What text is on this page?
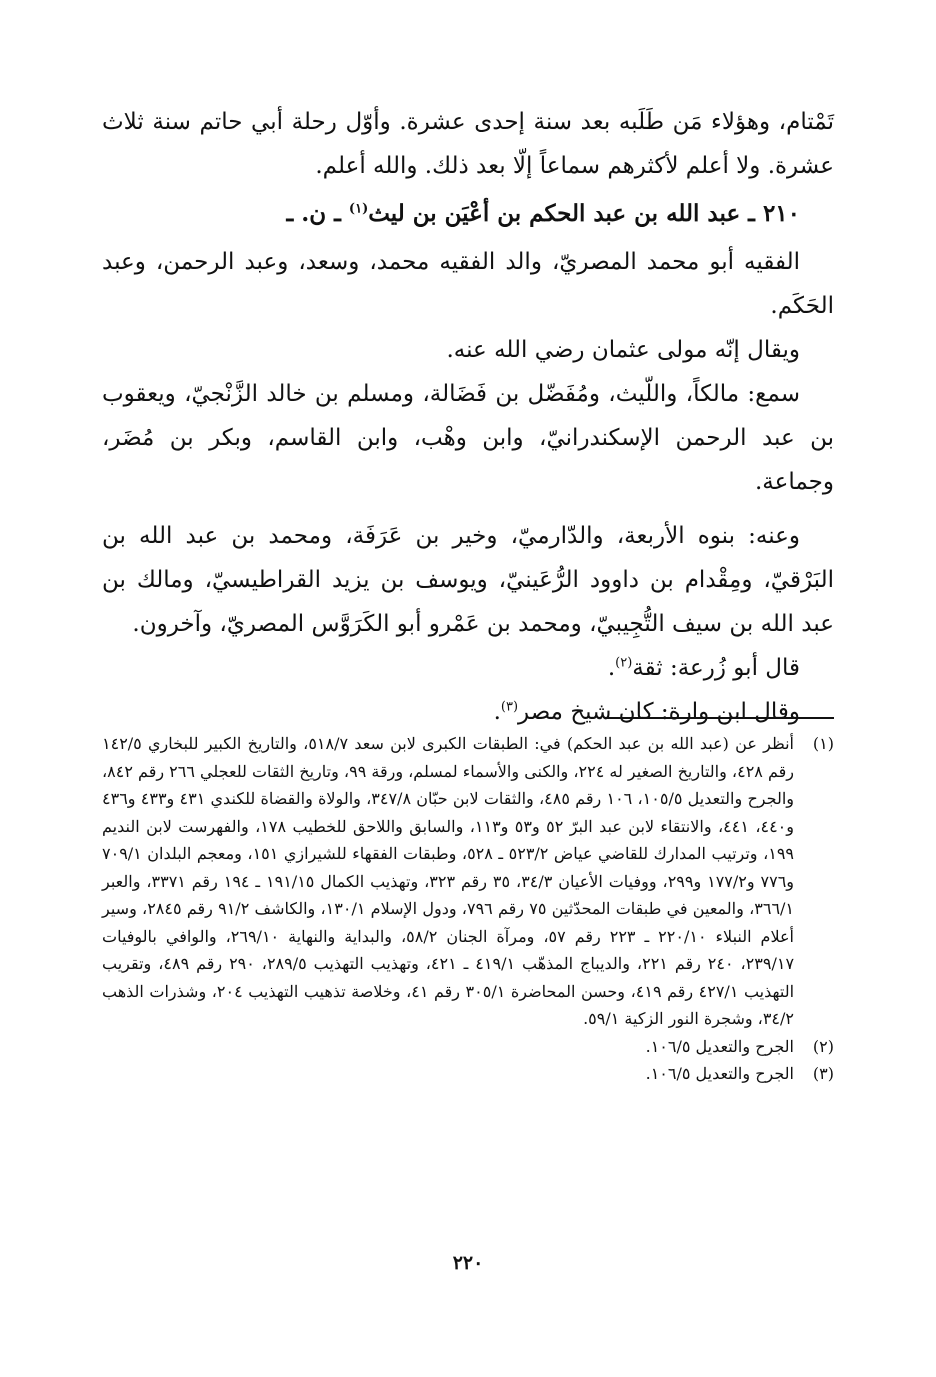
تَمْتام، وهؤلاء مَن طَلَبه بعد سنة إحدى عشرة. وأوّل رحلة أبي حاتم سنة ثلاث عشرة. ولا أعلم لأكثرهم سماعاً إلّا بعد ذلك. والله أعلم.

٢١٠ ـ عبد الله بن عبد الحكم بن أعْيَن بن ليث$^{(١)}$ ـ ن. ـ

الفقيه أبو محمد المصريّ، والد الفقيه محمد، وسعد، وعبد الرحمن، وعبد الحَكَم.

ويقال إنّه مولى عثمان رضي الله عنه.

سمع: مالكاً، واللّيث، ومُفَضّل بن فَضَالة، ومسلم بن خالد الزَّنْجيّ، ويعقوب بن عبد الرحمن الإسكندرانيّ، وابن وهْب، وابن القاسم، وبكر بن مُضَر، وجماعة.

وعنه: بنوه الأربعة، والدّارميّ، وخير بن عَرَفَة، ومحمد بن عبد الله بن البَرْقيّ، ومِقْدام بن داوود الرُّعَينيّ، ويوسف بن يزيد القراطيسيّ، ومالك بن عبد الله بن سيف التُّجِيبيّ، ومحمد بن عَمْرو أبو الكَرَوَّس المصريّ، وآخرون.

قال أبو زُرعة: ثقة$^{(٢)}$.

وقال ابن وارة: كان شيخ مصر$^{(٣)}$.

(١)
أنظر عن (عبد الله بن عبد الحكم) في: الطبقات الكبرى لابن سعد ٥١٨/٧، والتاريخ الكبير للبخاري ١٤٢/٥ رقم ٤٢٨، والتاريخ الصغير له ٢٢٤، والكنى والأسماء لمسلم، ورقة ٩٩، وتاريخ الثقات للعجلي ٢٦٦ رقم ٨٤٢، والجرح والتعديل ١٠٥/٥، ١٠٦ رقم ٤٨٥، والثقات لابن حبّان ٣٤٧/٨، والولاة والقضاة للكندي ٤٣١ و٤٣٣ و٤٣٦ و٤٤٠، ٤٤١، والانتقاء لابن عبد البرّ ٥٢ و٥٣ و١١٣، والسابق واللاحق للخطيب ١٧٨، والفهرست لابن النديم ١٩٩، وترتيب المدارك للقاضي عياض ٥٢٣/٢ ـ ٥٢٨، وطبقات الفقهاء للشيرازي ١٥١، ومعجم البلدان ٧٠٩/١ و٧٧٦ و١٧٧/٢ و٢٩٩، ووفيات الأعيان ٣٤/٣، ٣٥ رقم ٣٢٣، وتهذيب الكمال ١٩١/١٥ ـ ١٩٤ رقم ٣٣٧١، والعبر ٣٦٦/١، والمعين في طبقات المحدّثين ٧٥ رقم ٧٩٦، ودول الإسلام ١٣٠/١، والكاشف ٩١/٢ رقم ٢٨٤٥، وسير أعلام النبلاء ٢٢٠/١٠ ـ ٢٢٣ رقم ٥٧، ومرآة الجنان ٥٨/٢، والبداية والنهاية ٢٦٩/١٠، والوافي بالوفيات ٢٣٩/١٧، ٢٤٠ رقم ٢٢١، والديباج المذهّب ٤١٩/١ ـ ٤٢١، وتهذيب التهذيب ٢٨٩/٥، ٢٩٠ رقم ٤٨٩، وتقريب التهذيب ٤٢٧/١ رقم ٤١٩، وحسن المحاضرة ٣٠٥/١ رقم ٤١، وخلاصة تذهيب التهذيب ٢٠٤، وشذرات الذهب ٣٤/٢، وشجرة النور الزكية ٥٩/١.
(٢)
الجرح والتعديل ١٠٦/٥.
(٣)
الجرح والتعديل ١٠٦/٥.
٢٢٠
